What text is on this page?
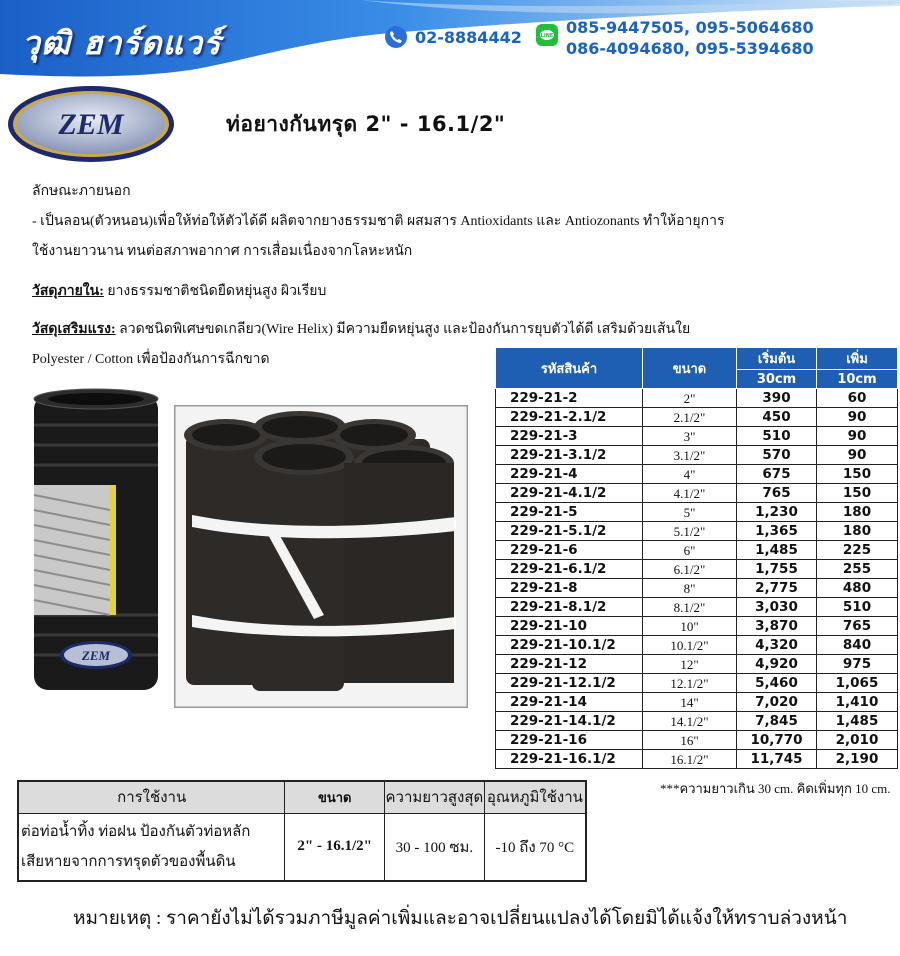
วุฒิ ฮาร์ดแวร์	02-8884442	LINE 085-9447505, 095-5064680
086-4094680, 095-5394680
ZEM	ท่อยางกันทรุด 2" - 16.1/2"
ลักษณะภายนอก
- เป็นลอน(ตัวหนอน)เพื่อให้ท่อให้ตัวได้ดี ผลิตจากยางธรรมชาติ ผสมสาร Antioxidants และ Antiozonants ทำให้อายุการ
ใช้งานยาวนาน ทนต่อสภาพอากาศ การเสื่อมเนื่องจากโลหะหนัก
วัสดุภายใน: ยางธรรมชาติชนิดยืดหยุ่นสูง ผิวเรียบ
วัสดุเสริมแรง: ลวดชนิดพิเศษขดเกลียว(Wire Helix) มีความยืดหยุ่นสูง และป้องกันการยุบตัวได้ดี เสริมด้วยเส้นใย
Polyester / Cotton เพื่อป้องกันการฉีกขาด
ZEM
รหัสสินค้า	ขนาด	เริ่มต้น	เพิ่ม
		30cm	10cm
229-21-2	2"	390	60
229-21-2.1/2	2.1/2"	450	90
229-21-3	3"	510	90
229-21-3.1/2	3.1/2"	570	90
229-21-4	4"	675	150
229-21-4.1/2	4.1/2"	765	150
229-21-5	5"	1,230	180
229-21-5.1/2	5.1/2"	1,365	180
229-21-6	6"	1,485	225
229-21-6.1/2	6.1/2"	1,755	255
229-21-8	8"	2,775	480
229-21-8.1/2	8.1/2"	3,030	510
229-21-10	10"	3,870	765
229-21-10.1/2	10.1/2"	4,320	840
229-21-12	12"	4,920	975
229-21-12.1/2	12.1/2"	5,460	1,065
229-21-14	14"	7,020	1,410
229-21-14.1/2	14.1/2"	7,845	1,485
229-21-16	16"	10,770	2,010
229-21-16.1/2	16.1/2"	11,745	2,190
***ความยาวเกิน 30 cm. คิดเพิ่มทุก 10 cm.
การใช้งาน	ขนาด	ความยาวสูงสุด	อุณหภูมิใช้งาน

ต่อท่อน้ำทิ้ง ท่อฝน ป้องกันตัวท่อหลัก
เสียหายจากการทรุดตัวของพื้นดิน	2" - 16.1/2"	30 - 100 ซม.	-10 ถึง 70 °C
หมายเหตุ : ราคายังไม่ได้รวมภาษีมูลค่าเพิ่มและอาจเปลี่ยนแปลงได้โดยมิได้แจ้งให้ทราบล่วงหน้า
